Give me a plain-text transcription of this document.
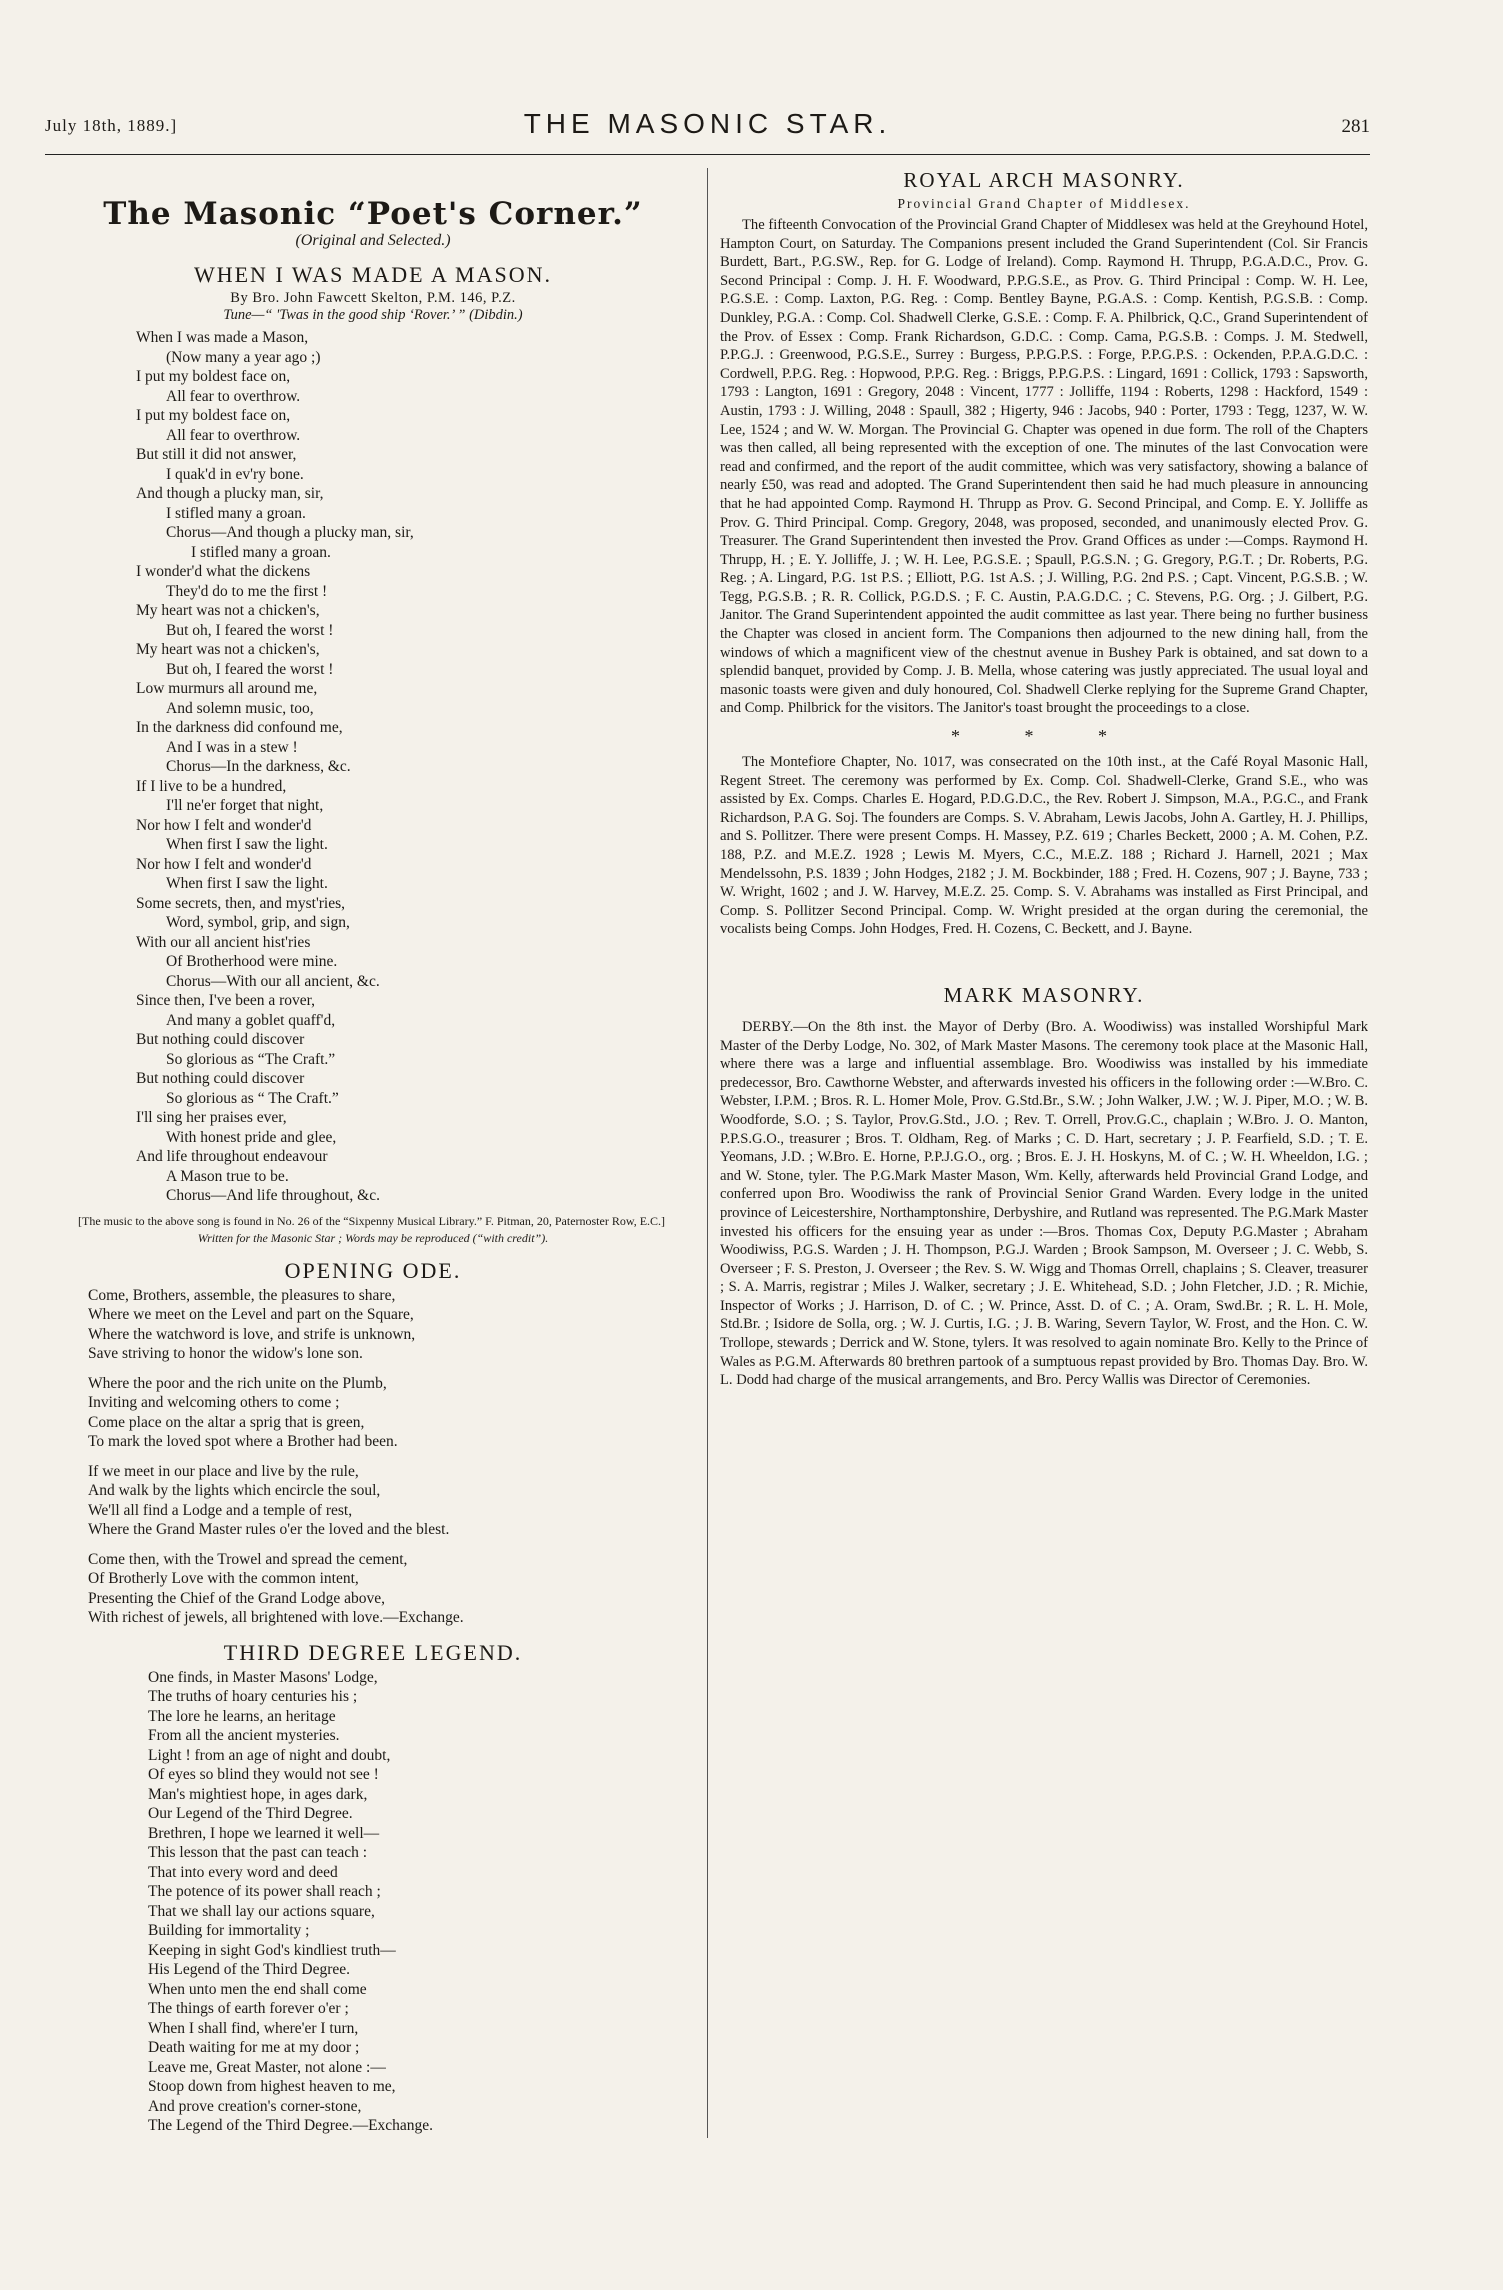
July 18th, 1889.]	THE MASONIC STAR.	281
The Masonic “Poet's Corner.”
(Original and Selected.)
WHEN I WAS MADE A MASON.
By Bro. John Fawcett Skelton, P.M. 146, P.Z.
Tune—“ 'Twas in the good ship ‘Rover.’ ” (Dibdin.)
When I was made a Mason,
(Now many a year ago ;)
I put my boldest face on,
All fear to overthrow.
I put my boldest face on,
All fear to overthrow.
But still it did not answer,
I quak'd in ev'ry bone.
And though a plucky man, sir,
I stifled many a groan.
Chorus—And though a plucky man, sir,
I stifled many a groan.
I wonder'd what the dickens
They'd do to me the first !
My heart was not a chicken's,
But oh, I feared the worst !
My heart was not a chicken's,
But oh, I feared the worst !
Low murmurs all around me,
And solemn music, too,
In the darkness did confound me,
And I was in a stew !
Chorus—In the darkness, &c.
If I live to be a hundred,
I'll ne'er forget that night,
Nor how I felt and wonder'd
When first I saw the light.
Nor how I felt and wonder'd
When first I saw the light.
Some secrets, then, and myst'ries,
Word, symbol, grip, and sign,
With our all ancient hist'ries
Of Brotherhood were mine.
Chorus—With our all ancient, &c.
Since then, I've been a rover,
And many a goblet quaff'd,
But nothing could discover
So glorious as “The Craft.”
But nothing could discover
So glorious as “ The Craft.”
I'll sing her praises ever,
With honest pride and glee,
And life throughout endeavour
A Mason true to be.
Chorus—And life throughout, &c.
[The music to the above song is found in No. 26 of the “Sixpenny Musical Library.” F. Pitman, 20, Paternoster Row, E.C.]
Written for the Masonic Star ; Words may be reproduced (“with credit”).
OPENING ODE.
Come, Brothers, assemble, the pleasures to share,
Where we meet on the Level and part on the Square,
Where the watchword is love, and strife is unknown,
Save striving to honor the widow's lone son.
Where the poor and the rich unite on the Plumb,
Inviting and welcoming others to come ;
Come place on the altar a sprig that is green,
To mark the loved spot where a Brother had been.
If we meet in our place and live by the rule,
And walk by the lights which encircle the soul,
We'll all find a Lodge and a temple of rest,
Where the Grand Master rules o'er the loved and the blest.
Come then, with the Trowel and spread the cement,
Of Brotherly Love with the common intent,
Presenting the Chief of the Grand Lodge above,
With richest of jewels, all brightened with love.—Exchange.
THIRD DEGREE LEGEND.
One finds, in Master Masons' Lodge,
The truths of hoary centuries his ;
The lore he learns, an heritage
From all the ancient mysteries.
Light ! from an age of night and doubt,
Of eyes so blind they would not see !
Man's mightiest hope, in ages dark,
Our Legend of the Third Degree.
Brethren, I hope we learned it well—
This lesson that the past can teach :
That into every word and deed
The potence of its power shall reach ;
That we shall lay our actions square,
Building for immortality ;
Keeping in sight God's kindliest truth—
His Legend of the Third Degree.
When unto men the end shall come
The things of earth forever o'er ;
When I shall find, where'er I turn,
Death waiting for me at my door ;
Leave me, Great Master, not alone :—
Stoop down from highest heaven to me,
And prove creation's corner-stone,
The Legend of the Third Degree.—Exchange.
ROYAL ARCH MASONRY.
Provincial Grand Chapter of Middlesex.

The fifteenth Convocation of the Provincial Grand Chapter of Middlesex was held at the Greyhound Hotel, Hampton Court, on Saturday. The Companions present included the Grand Superintendent (Col. Sir Francis Burdett, Bart., P.G.SW., Rep. for G. Lodge of Ireland). Comp. Raymond H. Thrupp, P.G.A.D.C., Prov. G. Second Principal : Comp. J. H. F. Woodward, P.P.G.S.E., as Prov. G. Third Principal : Comp. W. H. Lee, P.G.S.E. : Comp. Laxton, P.G. Reg. : Comp. Bentley Bayne, P.G.A.S. : Comp. Kentish, P.G.S.B. : Comp. Dunkley, P.G.A. : Comp. Col. Shadwell Clerke, G.S.E. : Comp. F. A. Philbrick, Q.C., Grand Superintendent of the Prov. of Essex : Comp. Frank Richardson, G.D.C. : Comp. Cama, P.G.S.B. : Comps. J. M. Stedwell, P.P.G.J. : Greenwood, P.G.S.E., Surrey : Burgess, P.P.G.P.S. : Forge, P.P.G.P.S. : Ockenden, P.P.A.G.D.C. : Cordwell, P.P.G. Reg. : Hopwood, P.P.G. Reg. : Briggs, P.P.G.P.S. : Lingard, 1691 : Collick, 1793 : Sapsworth, 1793 : Langton, 1691 : Gregory, 2048 : Vincent, 1777 : Jolliffe, 1194 : Roberts, 1298 : Hackford, 1549 : Austin, 1793 : J. Willing, 2048 : Spaull, 382 ; Higerty, 946 : Jacobs, 940 : Porter, 1793 : Tegg, 1237, W. W. Lee, 1524 ; and W. W. Morgan. The Provincial G. Chapter was opened in due form. The roll of the Chapters was then called, all being represented with the exception of one. The minutes of the last Convocation were read and confirmed, and the report of the audit committee, which was very satisfactory, showing a balance of nearly £50, was read and adopted. The Grand Superintendent then said he had much pleasure in announcing that he had appointed Comp. Raymond H. Thrupp as Prov. G. Second Principal, and Comp. E. Y. Jolliffe as Prov. G. Third Principal. Comp. Gregory, 2048, was proposed, seconded, and unanimously elected Prov. G. Treasurer. The Grand Superintendent then invested the Prov. Grand Offices as under :—Comps. Raymond H. Thrupp, H. ; E. Y. Jolliffe, J. ; W. H. Lee, P.G.S.E. ; Spaull, P.G.S.N. ; G. Gregory, P.G.T. ; Dr. Roberts, P.G. Reg. ; A. Lingard, P.G. 1st P.S. ; Elliott, P.G. 1st A.S. ; J. Willing, P.G. 2nd P.S. ; Capt. Vincent, P.G.S.B. ; W. Tegg, P.G.S.B. ; R. R. Collick, P.G.D.S. ; F. C. Austin, P.A.G.D.C. ; C. Stevens, P.G. Org. ; J. Gilbert, P.G. Janitor. The Grand Superintendent appointed the audit committee as last year. There being no further business the Chapter was closed in ancient form. The Companions then adjourned to the new dining hall, from the windows of which a magnificent view of the chestnut avenue in Bushey Park is obtained, and sat down to a splendid banquet, provided by Comp. J. B. Mella, whose catering was justly appreciated. The usual loyal and masonic toasts were given and duly honoured, Col. Shadwell Clerke replying for the Supreme Grand Chapter, and Comp. Philbrick for the visitors. The Janitor's toast brought the proceedings to a close.

* * *

The Montefiore Chapter, No. 1017, was consecrated on the 10th inst., at the Café Royal Masonic Hall, Regent Street. The ceremony was performed by Ex. Comp. Col. Shadwell-Clerke, Grand S.E., who was assisted by Ex. Comps. Charles E. Hogard, P.D.G.D.C., the Rev. Robert J. Simpson, M.A., P.G.C., and Frank Richardson, P.A G. Soj. The founders are Comps. S. V. Abraham, Lewis Jacobs, John A. Gartley, H. J. Phillips, and S. Pollitzer. There were present Comps. H. Massey, P.Z. 619 ; Charles Beckett, 2000 ; A. M. Cohen, P.Z. 188, P.Z. and M.E.Z. 1928 ; Lewis M. Myers, C.C., M.E.Z. 188 ; Richard J. Harnell, 2021 ; Max Mendelssohn, P.S. 1839 ; John Hodges, 2182 ; J. M. Bockbinder, 188 ; Fred. H. Cozens, 907 ; J. Bayne, 733 ; W. Wright, 1602 ; and J. W. Harvey, M.E.Z. 25. Comp. S. V. Abrahams was installed as First Principal, and Comp. S. Pollitzer Second Principal. Comp. W. Wright presided at the organ during the ceremonial, the vocalists being Comps. John Hodges, Fred. H. Cozens, C. Beckett, and J. Bayne.

MARK MASONRY.

DERBY.—On the 8th inst. the Mayor of Derby (Bro. A. Woodiwiss) was installed Worshipful Mark Master of the Derby Lodge, No. 302, of Mark Master Masons. The ceremony took place at the Masonic Hall, where there was a large and influential assemblage. Bro. Woodiwiss was installed by his immediate predecessor, Bro. Cawthorne Webster, and afterwards invested his officers in the following order :—W.Bro. C. Webster, I.P.M. ; Bros. R. L. Homer Mole, Prov. G.Std.Br., S.W. ; John Walker, J.W. ; W. J. Piper, M.O. ; W. B. Woodforde, S.O. ; S. Taylor, Prov.G.Std., J.O. ; Rev. T. Orrell, Prov.G.C., chaplain ; W.Bro. J. O. Manton, P.P.S.G.O., treasurer ; Bros. T. Oldham, Reg. of Marks ; C. D. Hart, secretary ; J. P. Fearfield, S.D. ; T. E. Yeomans, J.D. ; W.Bro. E. Horne, P.P.J.G.O., org. ; Bros. E. J. H. Hoskyns, M. of C. ; W. H. Wheeldon, I.G. ; and W. Stone, tyler. The P.G.Mark Master Mason, Wm. Kelly, afterwards held Provincial Grand Lodge, and conferred upon Bro. Woodiwiss the rank of Provincial Senior Grand Warden. Every lodge in the united province of Leicestershire, Northamptonshire, Derbyshire, and Rutland was represented. The P.G.Mark Master invested his officers for the ensuing year as under :—Bros. Thomas Cox, Deputy P.G.Master ; Abraham Woodiwiss, P.G.S. Warden ; J. H. Thompson, P.G.J. Warden ; Brook Sampson, M. Overseer ; J. C. Webb, S. Overseer ; F. S. Preston, J. Overseer ; the Rev. S. W. Wigg and Thomas Orrell, chaplains ; S. Cleaver, treasurer ; S. A. Marris, registrar ; Miles J. Walker, secretary ; J. E. Whitehead, S.D. ; John Fletcher, J.D. ; R. Michie, Inspector of Works ; J. Harrison, D. of C. ; W. Prince, Asst. D. of C. ; A. Oram, Swd.Br. ; R. L. H. Mole, Std.Br. ; Isidore de Solla, org. ; W. J. Curtis, I.G. ; J. B. Waring, Severn Taylor, W. Frost, and the Hon. C. W. Trollope, stewards ; Derrick and W. Stone, tylers. It was resolved to again nominate Bro. Kelly to the Prince of Wales as P.G.M. Afterwards 80 brethren partook of a sumptuous repast provided by Bro. Thomas Day. Bro. W. L. Dodd had charge of the musical arrangements, and Bro. Percy Wallis was Director of Ceremonies.
